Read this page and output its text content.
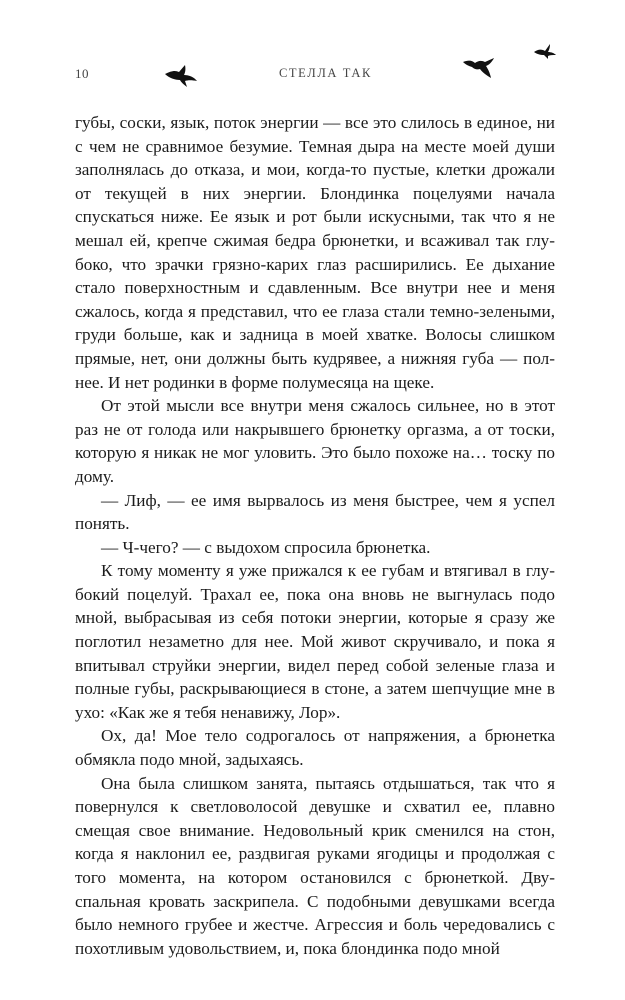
10	СТЕЛЛА ТАК

губы, соски, язык, поток энергии — все это слилось в единое, ни с чем не сравнимое безумие. Темная дыра на месте моей души заполнялась до отказа, и мои, когда-то пустые, клетки дрожали от текущей в них энергии. Блондинка поцелуями начала спускаться ниже. Ее язык и рот были искусными, так что я не мешал ей, крепче сжимая бедра брюнетки, и всаживал так глубоко, что зрачки грязно-карих глаз расширились. Ее дыхание стало поверхностным и сдавленным. Все внутри нее и меня сжалось, когда я представил, что ее глаза стали темно-зелеными, груди больше, как и задница в моей хватке. Волосы слишком прямые, нет, они должны быть кудрявее, а нижняя губа — полнее. И нет родинки в форме полумесяца на щеке.

От этой мысли все внутри меня сжалось сильнее, но в этот раз не от голода или накрывшего брюнетку оргазма, а от тоски, которую я никак не мог уловить. Это было похоже на… тоску по дому.

— Лиф, — ее имя вырвалось из меня быстрее, чем я успел понять.

— Ч-чего? — с выдохом спросила брюнетка.

К тому моменту я уже прижался к ее губам и втягивал в глубокий поцелуй. Трахал ее, пока она вновь не выгнулась подо мной, выбрасывая из себя потоки энергии, которые я сразу же поглотил незаметно для нее. Мой живот скручивало, и пока я впитывал струйки энергии, видел перед собой зеленые глаза и полные губы, раскрывающиеся в стоне, а затем шепчущие мне в ухо: «Как же я тебя ненавижу, Лор».

Ох, да! Мое тело содрогалось от напряжения, а брюнетка обмякла подо мной, задыхаясь.

Она была слишком занята, пытаясь отдышаться, так что я повернулся к светловолосой девушке и схватил ее, плавно смещая свое внимание. Недовольный крик сменился на стон, когда я наклонил ее, раздвигая руками ягодицы и продолжая с того момента, на котором остановился с брюнеткой. Двуспальная кровать заскрипела. С подобными девушками всегда было немного грубее и жестче. Агрессия и боль чередовались с похотливым удовольствием, и, пока блондинка подо мной
